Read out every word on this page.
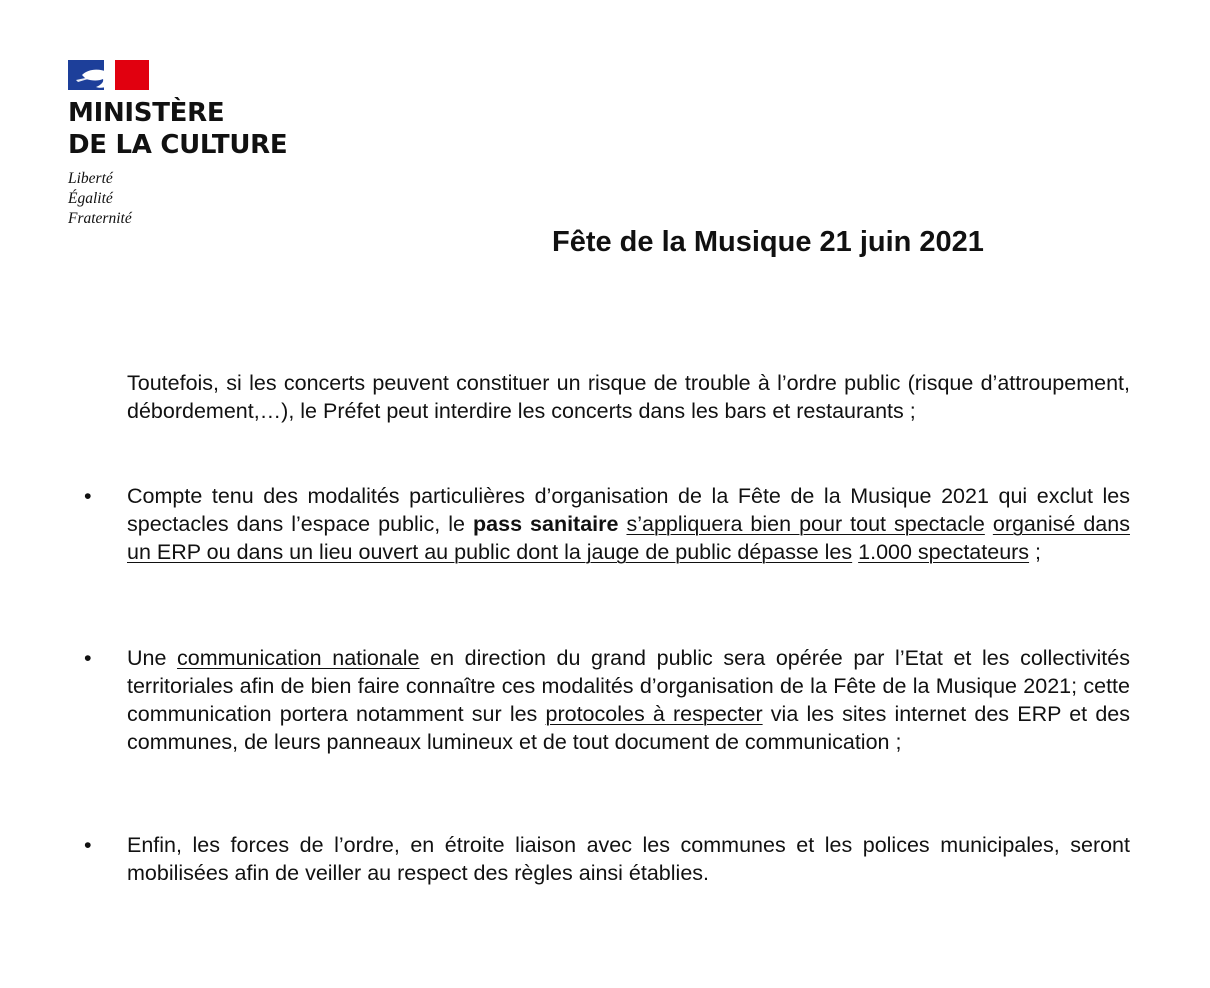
MINISTÈRE
DE LA CULTURE
Liberté
Égalité
Fraternité
Fête de la Musique 21 juin 2021

Toutefois, si les concerts peuvent constituer un risque de trouble à l’ordre public (risque d’attroupement, débordement,…), le Préfet peut interdire les concerts dans les bars et restaurants ;

• Compte tenu des modalités particulières d’organisation de la Fête de la Musique 2021 qui exclut les spectacles dans l’espace public, le pass sanitaire s’appliquera bien pour tout spectacle organisé dans un ERP ou dans un lieu ouvert au public dont la jauge de public dépasse les 1.000 spectateurs ;

• Une communication nationale en direction du grand public sera opérée par l’Etat et les collectivités territoriales afin de bien faire connaître ces modalités d’organisation de la Fête de la Musique 2021; cette communication portera notamment sur les protocoles à respecter via les sites internet des ERP et des communes, de leurs panneaux lumineux et de tout document de communication ;

• Enfin, les forces de l’ordre, en étroite liaison avec les communes et les polices municipales, seront mobilisées afin de veiller au respect des règles ainsi établies.
